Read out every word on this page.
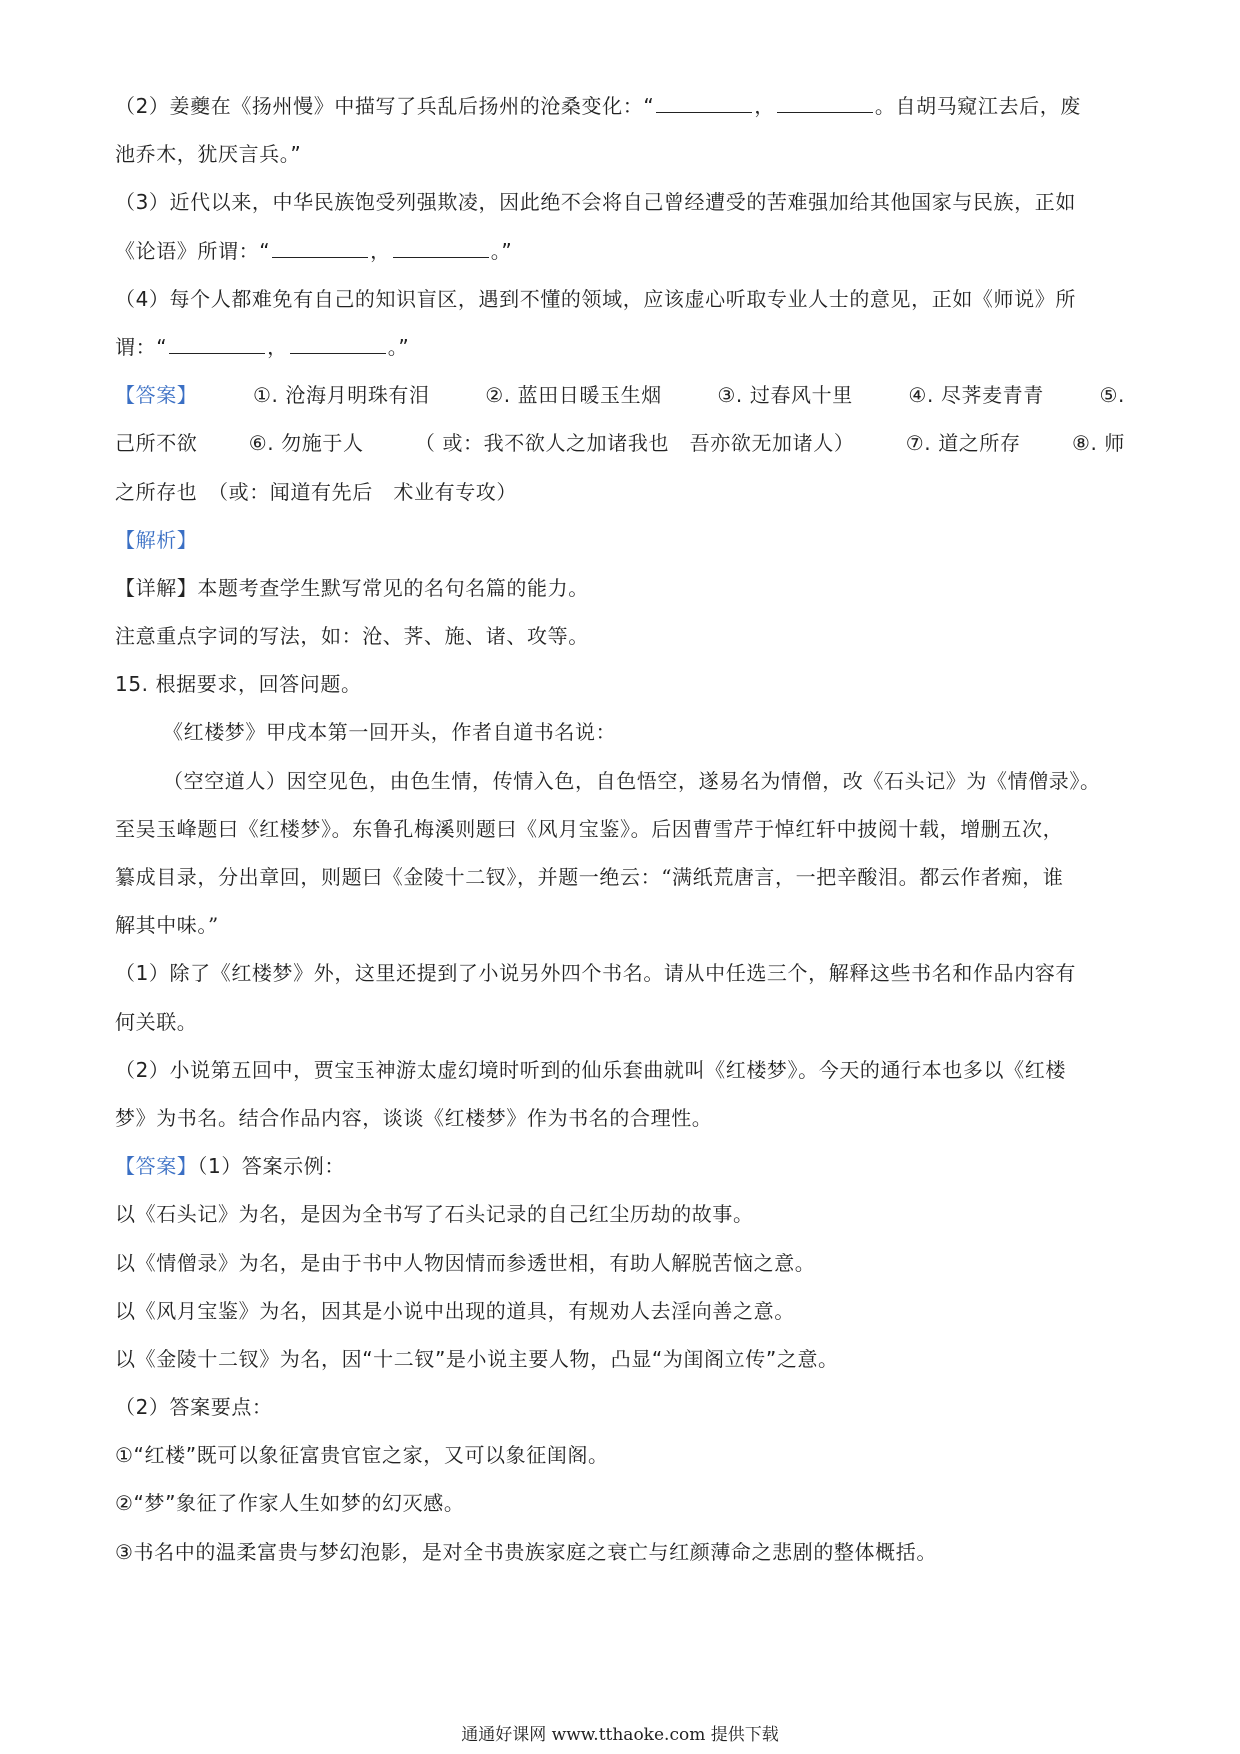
（2）姜夔在《扬州慢》中描写了兵乱后扬州的沧桑变化：“	，	。自胡马窥江去后，废
池乔木，犹厌言兵。”
（3）近代以来，中华民族饱受列强欺凌，因此绝不会将自己曾经遭受的苦难强加给其他国家与民族，正如
《论语》所谓：“	，	。”
（4）每个人都难免有自己的知识盲区，遇到不懂的领域，应该虚心听取专业人士的意见，正如《师说》所
谓：“	，	。”
【答案】	①. 沧海月明珠有泪	②. 蓝田日暖玉生烟	③. 过春风十里	④. 尽荠麦青青	⑤.
己所不欲	⑥. 勿施于人	（ 或：我不欲人之加诸我也　吾亦欲无加诸人）	⑦. 道之所存	⑧. 师
之所存也　（或：闻道有先后　术业有专攻）
【解析】
【详解】本题考查学生默写常见的名句名篇的能力。
注意重点字词的写法，如：沧、荠、施、诸、攻等。
15. 根据要求，回答问题。
《红楼梦》甲戌本第一回开头，作者自道书名说：
（空空道人）因空见色，由色生情，传情入色，自色悟空，遂易名为情僧，改《石头记》为《情僧录》。
至吴玉峰题曰《红楼梦》。东鲁孔梅溪则题曰《风月宝鉴》。后因曹雪芹于悼红轩中披阅十载，增删五次，
纂成目录，分出章回，则题曰《金陵十二钗》，并题一绝云：“满纸荒唐言，一把辛酸泪。都云作者痴，谁
解其中味。”
（1）除了《红楼梦》外，这里还提到了小说另外四个书名。请从中任选三个，解释这些书名和作品内容有
何关联。
（2）小说第五回中，贾宝玉神游太虚幻境时听到的仙乐套曲就叫《红楼梦》。今天的通行本也多以《红楼
梦》为书名。结合作品内容，谈谈《红楼梦》作为书名的合理性。
【答案】（1）答案示例：
以《石头记》为名，是因为全书写了石头记录的自己红尘历劫的故事。
以《情僧录》为名，是由于书中人物因情而参透世相，有助人解脱苦恼之意。
以《风月宝鉴》为名，因其是小说中出现的道具，有规劝人去淫向善之意。
以《金陵十二钗》为名，因“十二钗”是小说主要人物，凸显“为闺阁立传”之意。
（2）答案要点：
①“红楼”既可以象征富贵官宦之家，又可以象征闺阁。
②“梦”象征了作家人生如梦的幻灭感。
③书名中的温柔富贵与梦幻泡影，是对全书贵族家庭之衰亡与红颜薄命之悲剧的整体概括。
通通好课网 www.tthaoke.com 提供下载
